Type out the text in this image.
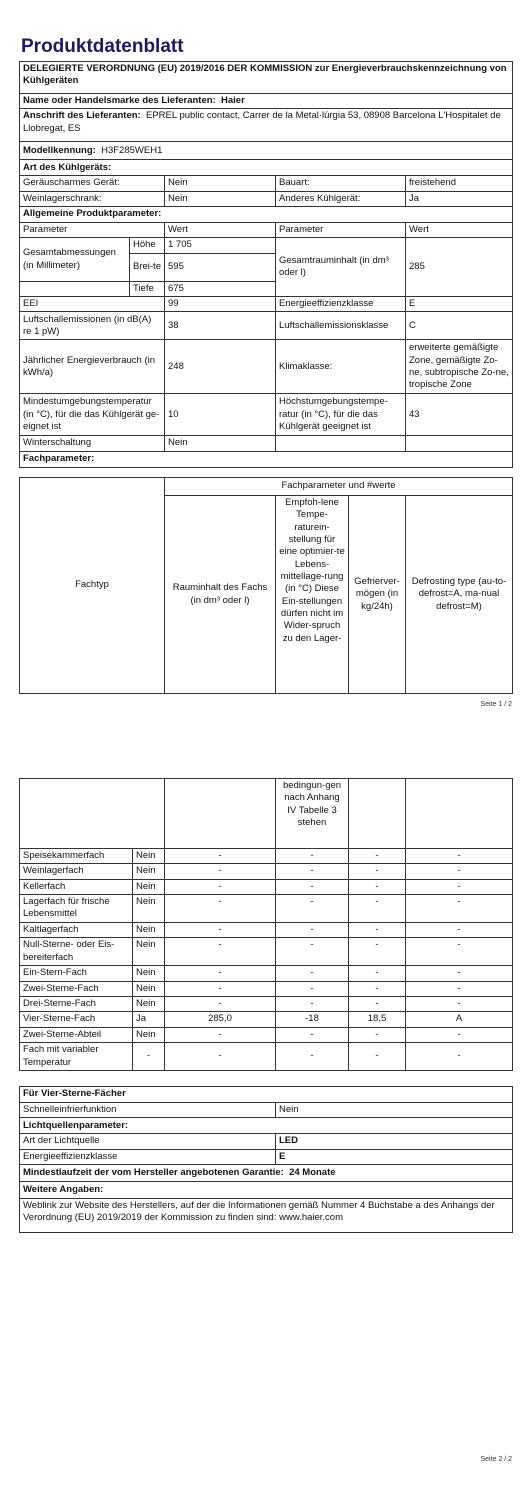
Produktdatenblatt
DELEGIERTE VERORDNUNG (EU) 2019/2016 DER KOMMISSION zur Energieverbrauchskennzeichnung von Kühlgeräten				
Name oder Handelsmarke des Lieferanten: Haier				
Anschrift des Lieferanten: EPREL public contact, Carrer de la Metal·lúrgia 53, 08908 Barcelona L'Hospitalet de Llobregat, ES				
Modellkennung: H3F285WEH1				
Art des Kühlgeräts:				
Geräuscharmes Gerät:		Nein	Bauart:	freistehend
Weinlagerschrank:		Nein	Anderes Kühlgerät:	Ja
Allgemeine Produktparameter:				
Parameter		Wert	Parameter	Wert
Gesamtabmessungen (in Millimeter)	Höhe	1 705	Gesamtrauminhalt (in dm³ oder l)	285
	Brei-te	595		
	Tiefe	675		
EEI		99	Energieeffizienzklasse	E
Luftschallemissionen (in dB(A) re 1 pW)		38	Luftschallemissionsklasse	C
Jährlicher Energieverbrauch (in kWh/a)		248	Klimaklasse:	erweiterte gemäßigte Zone, gemäßigte Zo-ne, subtropische Zo-ne, tropische Zone
Mindestumgebungstemperatur (in °C), für die das Kühlgerät ge-eignet ist		10	Höchstumgebungstempe-ratur (in °C), für die das Kühlgerät geeignet ist	43
Winterschaltung		Nein		
Fachparameter:				
Fachtyp	Fachparameter und #werte			
	Rauminhalt des Fachs (in dm³ oder l)	Empfoh-lene Tempe-raturein-stellung für eine optimier-te Lebens-mittellage-rung (in °C) Diese Ein-stellungen dürfen nicht im Wider-spruch zu den Lager-	Gefrierver-mögen (in kg/24h)	Defrosting type (au-to-defrost=A, ma-nual defrost=M)
Seite 1 / 2
			bedingun-gen nach Anhang IV Tabelle 3 stehen		
Speisekammerfach	Nein	-	-	-	-
Weinlagerfach	Nein	-	-	-	-
Kellerfach	Nein	-	-	-	-
Lagerfach für frische Lebensmittel	Nein	-	-	-	-
Kaltlagerfach	Nein	-	-	-	-
Null-Sterne- oder Eis-bereiterfach	Nein	-	-	-	-
Ein-Stern-Fach	Nein	-	-	-	-
Zwei-Sterne-Fach	Nein	-	-	-	-
Drei-Sterne-Fach	Nein	-	-	-	-
Vier-Sterne-Fach	Ja	285,0	-18	18,5	A
Zwei-Sterne-Abteil	Nein	-	-	-	-
Fach mit variabler Temperatur	-	-	-	-	-
Für Vier-Sterne-Fächer	
Schnelleinfrierfunktion	Nein
Lichtquellenparameter:	
Art der Lichtquelle	LED
Energieeffizienzklasse	E
Mindestlaufzeit der vom Hersteller angebotenen Garantie: 24 Monate	
Weitere Angaben:	
Weblink zur Website des Herstellers, auf der die Informationen gemäß Nummer 4 Buchstabe a des Anhangs der Verordnung (EU) 2019/2019 der Kommission zu finden sind: www.haier.com	
Seite 2 / 2
